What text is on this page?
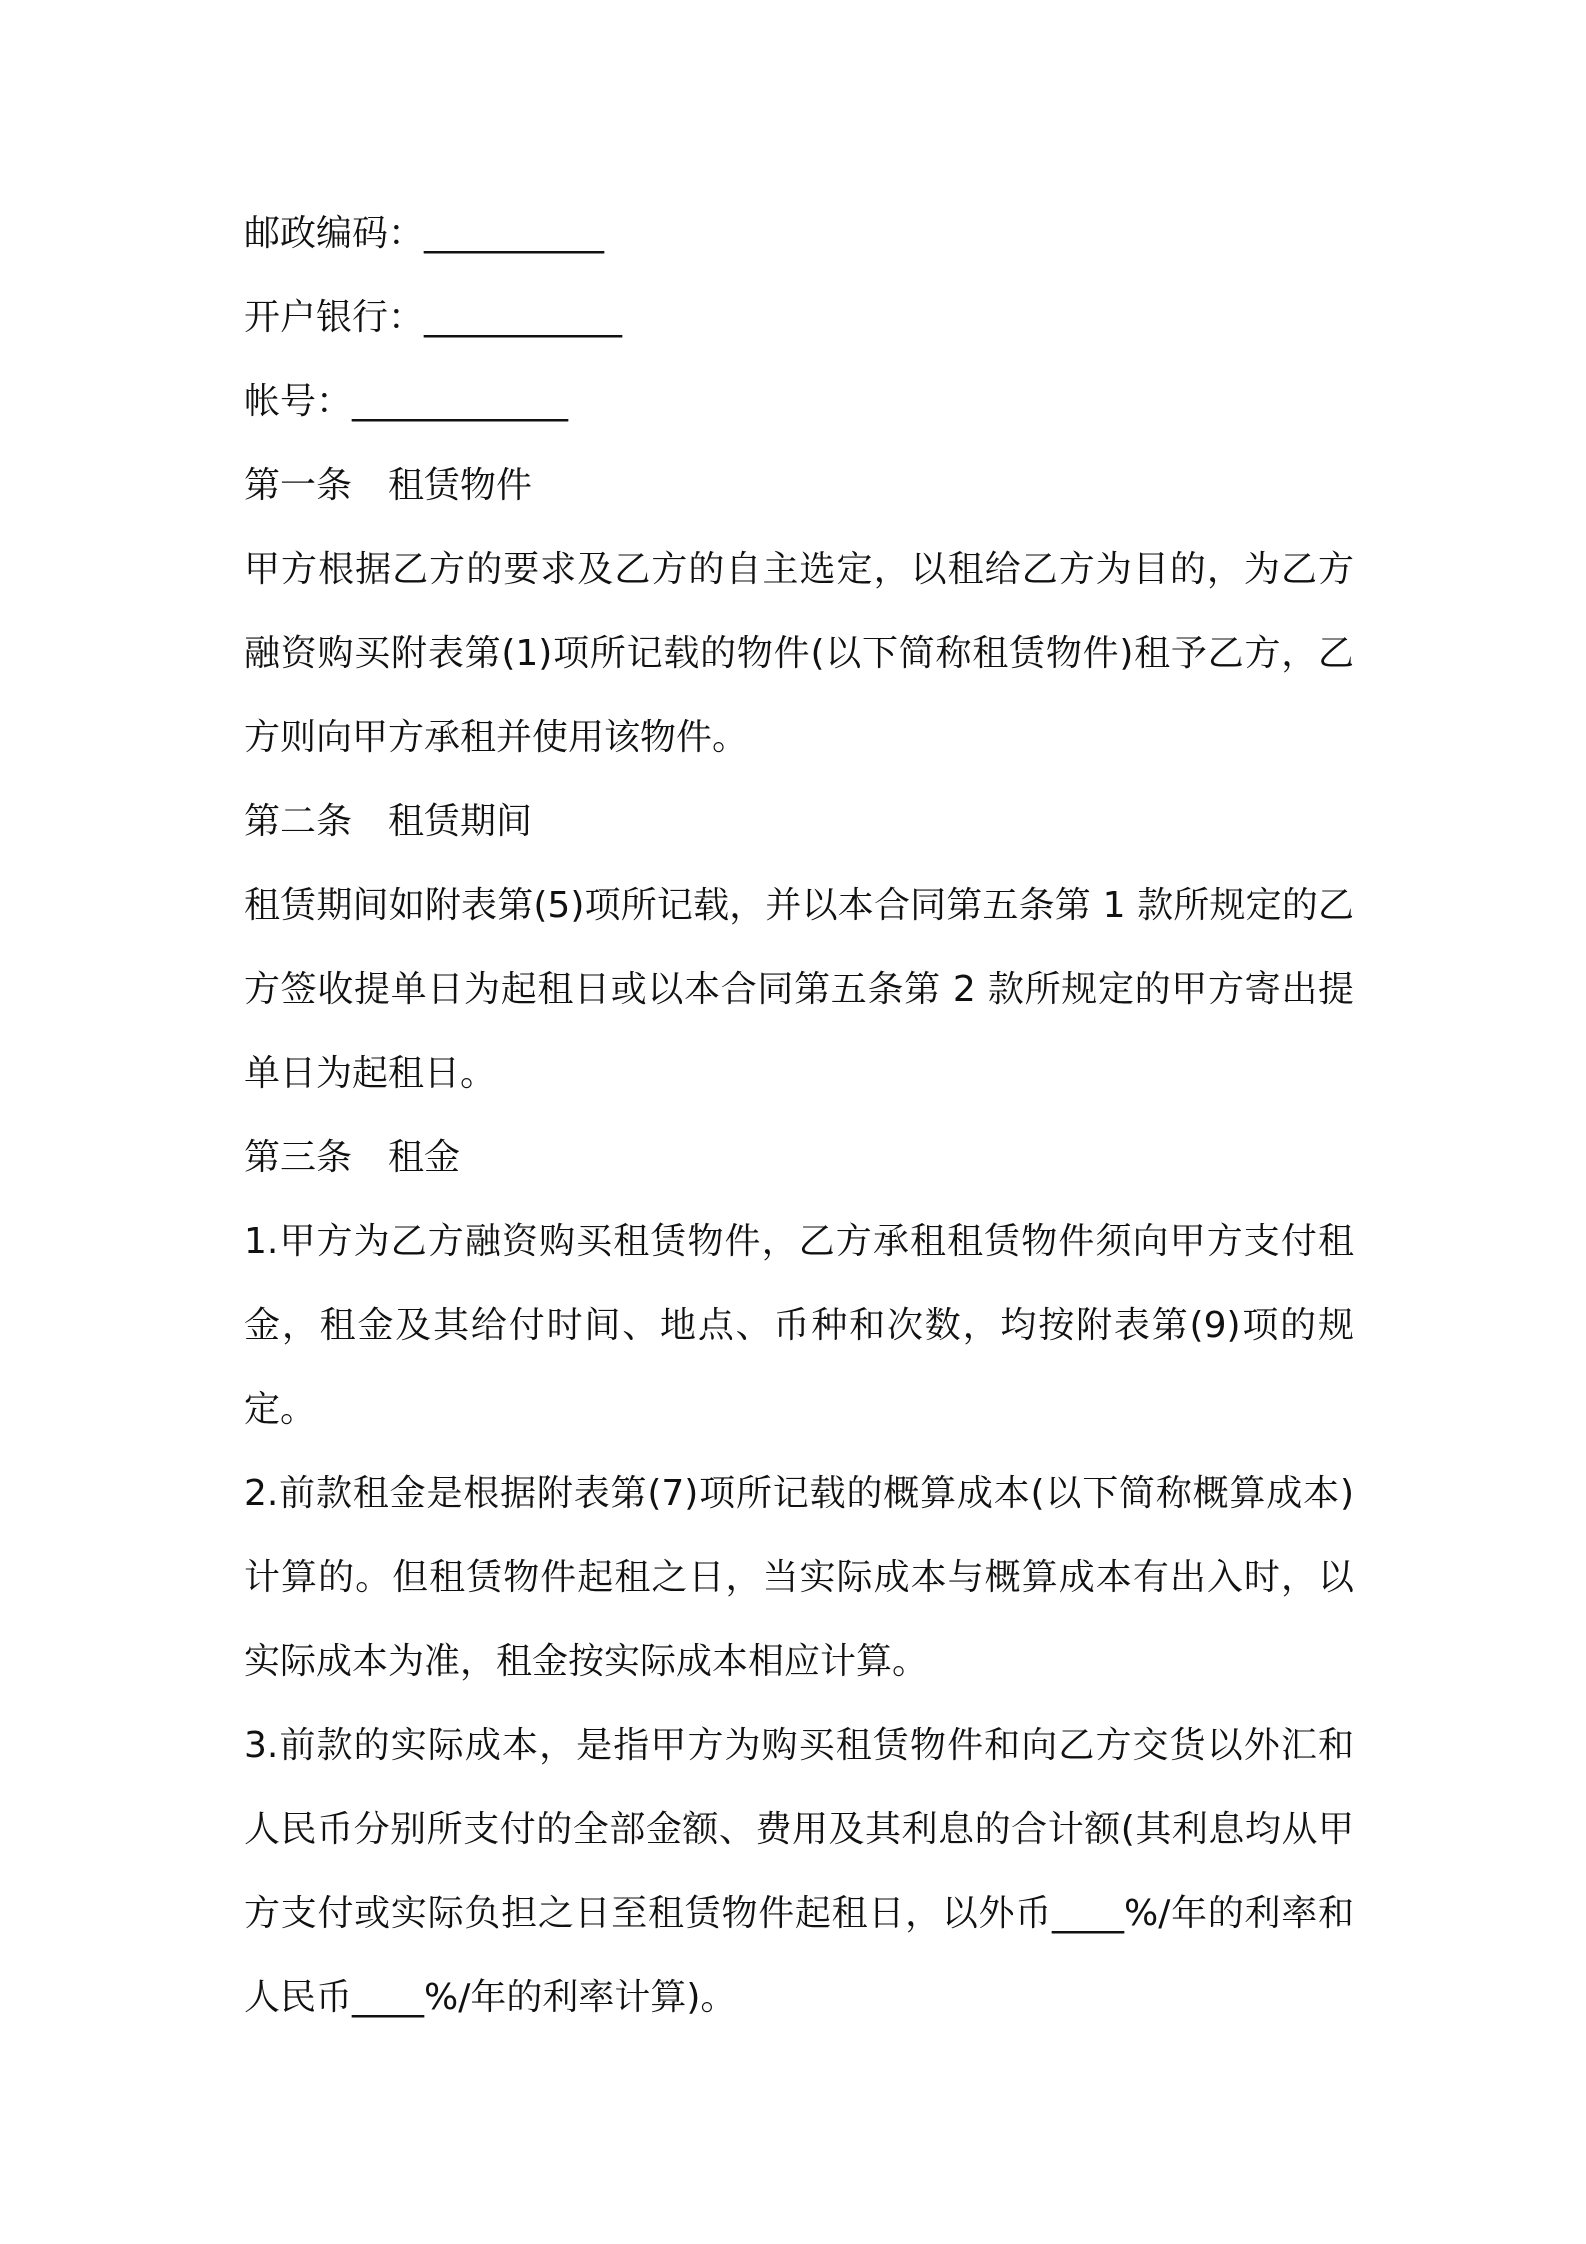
邮政编码：__________

开户银行：___________

帐号：____________

第一条　租赁物件

甲方根据乙方的要求及乙方的自主选定，以租给乙方为目的，为乙方融资购买附表第(1)项所记载的物件(以下简称租赁物件)租予乙方，乙方则向甲方承租并使用该物件。

第二条　租赁期间

租赁期间如附表第(5)项所记载，并以本合同第五条第 1 款所规定的乙方签收提单日为起租日或以本合同第五条第 2 款所规定的甲方寄出提单日为起租日。

第三条　租金

1.甲方为乙方融资购买租赁物件，乙方承租租赁物件须向甲方支付租金，租金及其给付时间、地点、币种和次数，均按附表第(9)项的规定。

2.前款租金是根据附表第(7)项所记载的概算成本(以下简称概算成本)计算的。但租赁物件起租之日，当实际成本与概算成本有出入时，以实际成本为准，租金按实际成本相应计算。

3.前款的实际成本，是指甲方为购买租赁物件和向乙方交货以外汇和人民币分别所支付的全部金额、费用及其利息的合计额(其利息均从甲方支付或实际负担之日至租赁物件起租日，以外币____%/年的利率和人民币____%/年的利率计算)。
